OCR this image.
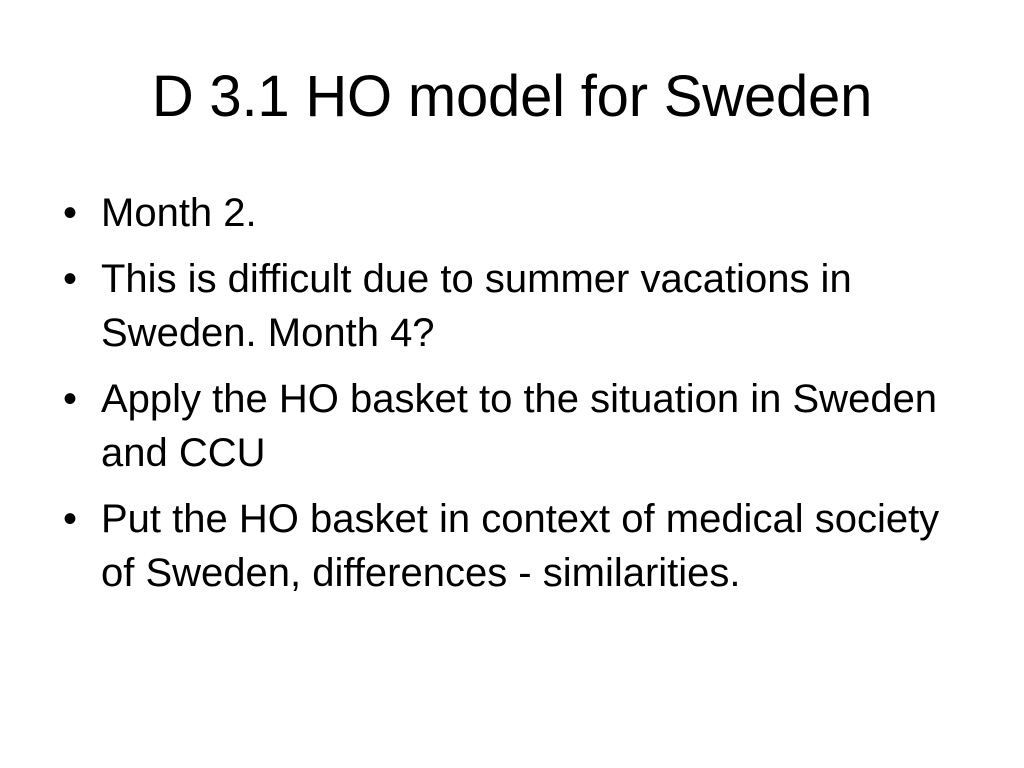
D 3.1 HO model for Sweden
• Month 2.
• This is difficult due to summer vacations in Sweden. Month 4?
• Apply the HO basket to the situation in Sweden and CCU
• Put the HO basket in context of medical society of Sweden, differences - similarities.
